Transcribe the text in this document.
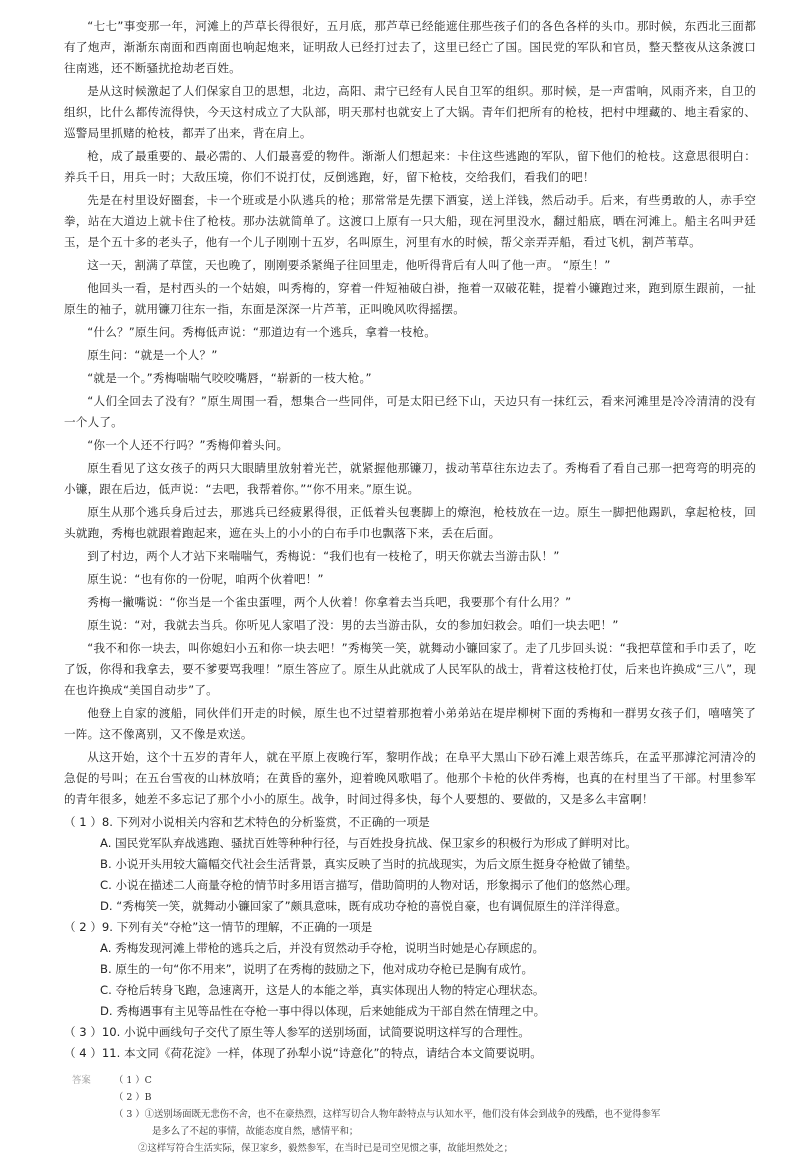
“七七”事变那一年，河滩上的芦草长得很好，五月底，那芦草已经能遮住那些孩子们的各色各样的头巾。那时候，东西北三面都有了炮声，渐渐东南面和西南面也响起炮来，证明敌人已经打过去了，这里已经亡了国。国民党的军队和官员，整天整夜从这条渡口往南逃，还不断骚扰抢劫老百姓。

是从这时候激起了人们保家自卫的思想，北边，高阳、肃宁已经有人民自卫军的组织。那时候，是一声雷响，风雨齐来，自卫的组织，比什么都传流得快，今天这村成立了大队部，明天那村也就安上了大锅。青年们把所有的枪枝，把村中埋藏的、地主看家的、巡警局里抓赌的枪枝，都弄了出来，背在肩上。

枪，成了最重要的、最必需的、人们最喜爱的物件。渐渐人们想起来：卡住这些逃跑的军队，留下他们的枪枝。这意思很明白：养兵千日，用兵一时；大敌压境，你们不说打仗，反倒逃跑，好，留下枪枝，交给我们，看我们的吧！

先是在村里设好圈套，卡一个班或是小队逃兵的枪；那常常是先摆下酒宴，送上洋钱，然后动手。后来，有些勇敢的人，赤手空拳，站在大道边上就卡住了枪枝。那办法就简单了。这渡口上原有一只大船，现在河里没水，翻过船底，晒在河滩上。船主名叫尹廷玉，是个五十多的老头子，他有一个儿子刚刚十五岁，名叫原生，河里有水的时候，帮父亲弄弄船，看过飞机，割芦苇草。

这一天，割满了草筐，天也晚了，刚刚要杀紧绳子往回里走，他听得背后有人叫了他一声。 “原生！”

他回头一看，是村西头的一个姑娘，叫秀梅的，穿着一件短袖破白褂，拖着一双破花鞋，提着小镰跑过来，跑到原生跟前，一扯原生的袖子，就用镰刀往东一指，东面是深深一片芦苇，正叫晚风吹得摇摆。

“什么？”原生问。秀梅低声说：“那道边有一个逃兵，拿着一枝枪。

原生问：“就是一个人？”

“就是一个。”秀梅喘喘气咬咬嘴唇，“崭新的一枝大枪。”

“人们全回去了没有？”原生周围一看，想集合一些同伴，可是太阳已经下山，天边只有一抹红云，看来河滩里是冷冷清清的没有一个人了。

“你一个人还不行吗？”秀梅仰着头问。

原生看见了这女孩子的两只大眼睛里放射着光芒，就紧握他那镰刀，拔动苇草往东边去了。秀梅看了看自己那一把弯弯的明亮的小镰，跟在后边，低声说：“去吧，我帮着你。”“你不用来。”原生说。

原生从那个逃兵身后过去，那逃兵已经疲累得很，正低着头包裹脚上的燎泡，枪枝放在一边。原生一脚把他踢趴，拿起枪枝，回头就跑，秀梅也就跟着跑起来，遮在头上的小小的白布手巾也飘落下来，丢在后面。

到了村边，两个人才站下来喘喘气，秀梅说：“我们也有一枝枪了，明天你就去当游击队！”

原生说：“也有你的一份呢，咱两个伙着吧！”

秀梅一撇嘴说：“你当是一个雀虫蛋哩，两个人伙着！你拿着去当兵吧，我要那个有什么用？”

原生说：“对，我就去当兵。你听见人家唱了没：男的去当游击队，女的参加妇救会。咱们一块去吧！”

“我不和你一块去，叫你媳妇小五和你一块去吧！”秀梅笑一笑，就舞动小镰回家了。走了几步回头说：“我把草筐和手巾丢了，吃了饭，你得和我拿去，要不爹要骂我哩！”原生答应了。原生从此就成了人民军队的战士，背着这枝枪打仗，后来也许换成“三八”，现在也许换成“美国自动步”了。

他登上自家的渡船，同伙伴们开走的时候，原生也不过望着那抱着小弟弟站在堤岸柳树下面的秀梅和一群男女孩子们，嘻嘻笑了一阵。这不像离别，又不像是欢送。

从这开始，这个十五岁的青年人，就在平原上夜晚行军，黎明作战；在阜平大黑山下砂石滩上艰苦练兵，在孟平那滹沱河清冷的急促的号叫；在五台雪夜的山林放哨；在黄昏的塞外，迎着晚风歌唱了。他那个卡枪的伙伴秀梅，也真的在村里当了干部。村里参军的青年很多，她差不多忘记了那个小小的原生。战争，时间过得多快，每个人要想的、要做的，又是多么丰富啊！

（ 1 ）8. 下列对小说相关内容和艺术特色的分析鉴赏，不正确的一项是
A. 国民党军队弃战逃跑、骚扰百姓等种种行径，与百姓投身抗战、保卫家乡的积极行为形成了鲜明对比。
B. 小说开头用较大篇幅交代社会生活背景，真实反映了当时的抗战现实，为后文原生挺身夺枪做了铺垫。
C. 小说在描述二人商量夺枪的情节时多用语言描写，借助简明的人物对话，形象揭示了他们的悠然心理。
D. “秀梅笑一笑，就舞动小镰回家了”颇具意味，既有成功夺枪的喜悦自豪，也有调侃原生的洋洋得意。
（ 2 ）9. 下列有关“夺枪”这一情节的理解，不正确的一项是
A. 秀梅发现河滩上带枪的逃兵之后，并没有贸然动手夺枪，说明当时她是心存顾虑的。
B. 原生的一句“你不用来”，说明了在秀梅的鼓励之下，他对成功夺枪已是胸有成竹。
C. 夺枪后转身飞跑，急速离开，这是人的本能之举，真实体现出人物的特定心理状态。
D. 秀梅遇事有主见等品性在夺枪一事中得以体现，后来她能成为干部自然在情理之中。
（ 3 ）10. 小说中画线句子交代了原生等人参军的送别场面，试简要说明这样写的合理性。
（ 4 ）11. 本文同《荷花淀》一样，体现了孙犁小说“诗意化”的特点，请结合本文简要说明。
答案 （ 1 ）C
（ 2 ）B
（ 3 ）①送别场面既无悲伤不舍，也不在豪热烈，这样写切合人物年龄特点与认知水平，他们没有体会到战争的残酷，也不觉得参军
是多么了不起的事情，故能态度自然，感情平和；
②这样写符合生活实际，保卫家乡，毅然参军，在当时已是司空见惯之事，故能坦然处之；
